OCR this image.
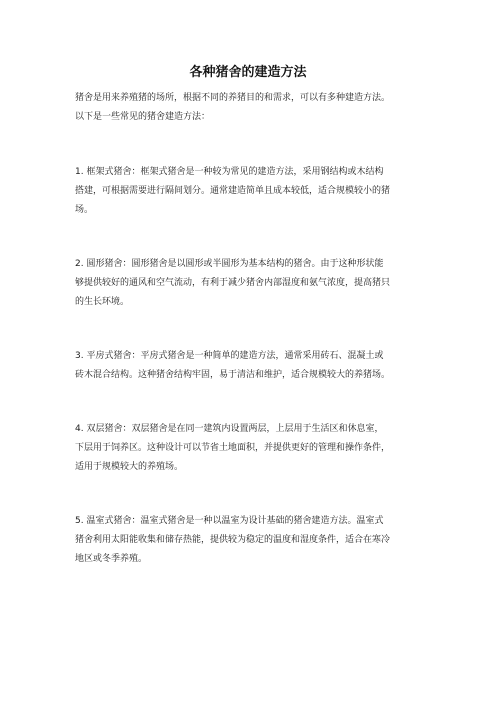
各种猪舍的建造方法
猪舍是用来养殖猪的场所，根据不同的养猪目的和需求，可以有多种建造方法。
以下是一些常见的猪舍建造方法：
1. 框架式猪舍：框架式猪舍是一种较为常见的建造方法，采用钢结构或木结构
搭建，可根据需要进行隔间划分。通常建造简单且成本较低，适合规模较小的猪
场。
2. 圆形猪舍：圆形猪舍是以圆形或半圆形为基本结构的猪舍。由于这种形状能
够提供较好的通风和空气流动，有利于减少猪舍内部湿度和氨气浓度，提高猪只
的生长环境。
3. 平房式猪舍：平房式猪舍是一种简单的建造方法，通常采用砖石、混凝土或
砖木混合结构。这种猪舍结构牢固，易于清洁和维护，适合规模较大的养猪场。
4. 双层猪舍：双层猪舍是在同一建筑内设置两层，上层用于生活区和休息室，
下层用于饲养区。这种设计可以节省土地面积，并提供更好的管理和操作条件，
适用于规模较大的养殖场。
5. 温室式猪舍：温室式猪舍是一种以温室为设计基础的猪舍建造方法。温室式
猪舍利用太阳能收集和储存热能，提供较为稳定的温度和湿度条件，适合在寒冷
地区或冬季养殖。
